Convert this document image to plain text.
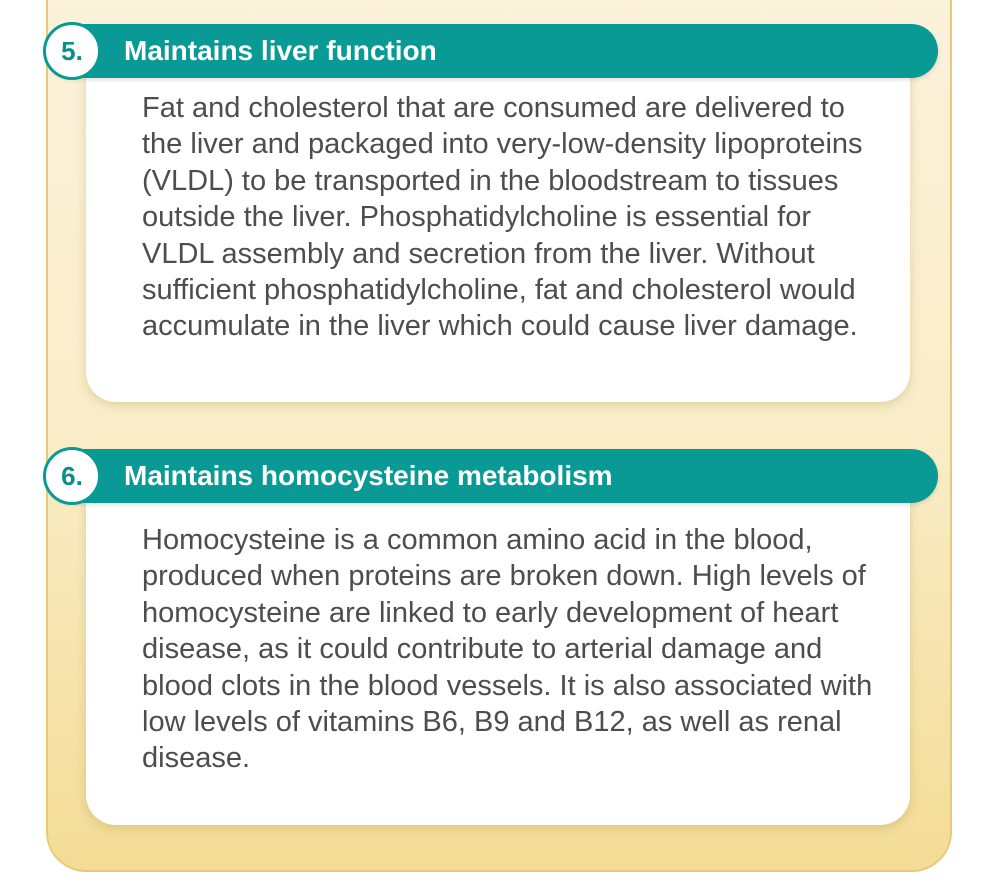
Fat and cholesterol that are consumed are delivered to the liver and packaged into very-low-density lipoproteins (VLDL) to be transported in the bloodstream to tissues outside the liver. Phosphatidylcholine is essential for VLDL assembly and secretion from the liver. Without sufficient phosphatidylcholine, fat and cholesterol would accumulate in the liver which could cause liver damage.

Maintains liver function
5.

Homocysteine is a common amino acid in the blood, produced when proteins are broken down. High levels of homocysteine are linked to early development of heart disease, as it could contribute to arterial damage and blood clots in the blood vessels. It is also associated with low levels of vitamins B6, B9 and B12, as well as renal disease.

Maintains homocysteine metabolism
6.
